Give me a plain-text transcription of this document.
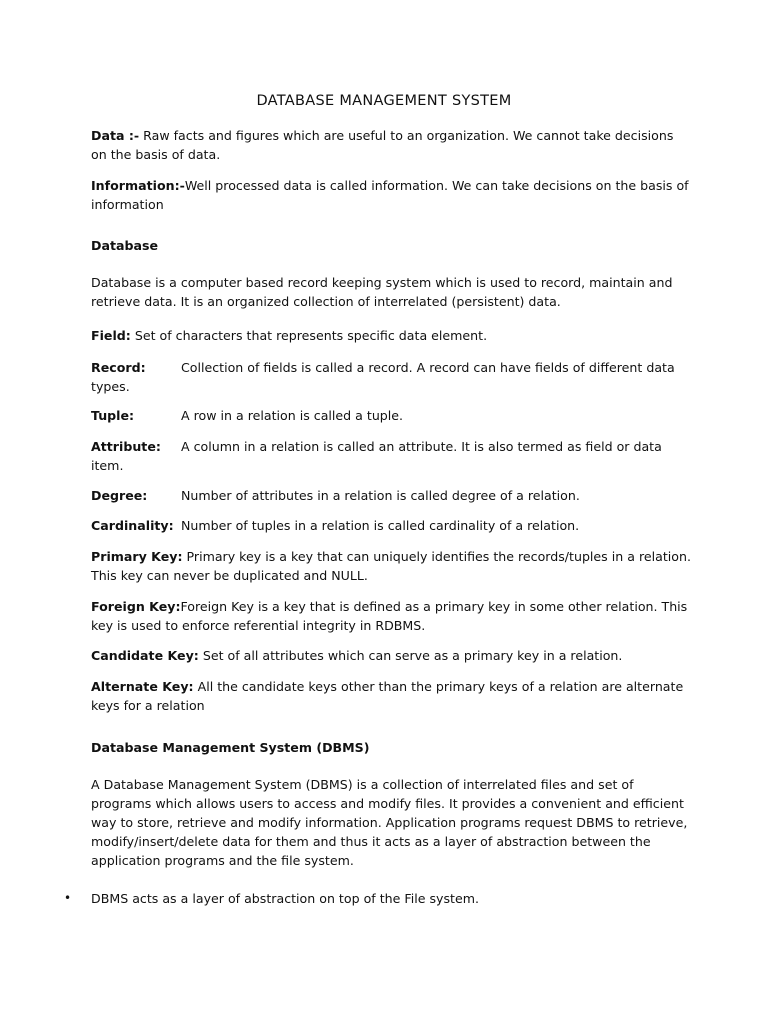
DATABASE MANAGEMENT SYSTEM

Data :- Raw facts and figures which are useful to an organization. We cannot take decisions on the basis of data.

Information:-Well processed data is called information. We can take decisions on the basis of information

Database

Database is a computer based record keeping system which is used to record, maintain and retrieve data. It is an organized collection of interrelated (persistent) data.

Field: Set of characters that represents specific data element.

Record:	Collection of fields is called a record. A record can have fields of different data types.
Tuple:	A row in a relation is called a tuple.
Attribute: A column in a relation is called an attribute. It is also termed as field or data item.
Degree:	Number of attributes in a relation is called degree of a relation.
Cardinality: Number of tuples in a relation is called cardinality of a relation.

Primary Key: Primary key is a key that can uniquely identifies the records/tuples in a relation. This key can never be duplicated and NULL.

Foreign Key:Foreign Key is a key that is defined as a primary key in some other relation. This key is used to enforce referential integrity in RDBMS.

Candidate Key: Set of all attributes which can serve as a primary key in a relation.

Alternate Key: All the candidate keys other than the primary keys of a relation are alternate keys for a relation

Database Management System (DBMS)

A Database Management System (DBMS) is a collection of interrelated files and set of programs which allows users to access and modify files. It provides a convenient and efficient way to store, retrieve and modify information. Application programs request DBMS to retrieve, modify/insert/delete data for them and thus it acts as a layer of abstraction between the application programs and the file system.

• DBMS acts as a layer of abstraction on top of the File system.
